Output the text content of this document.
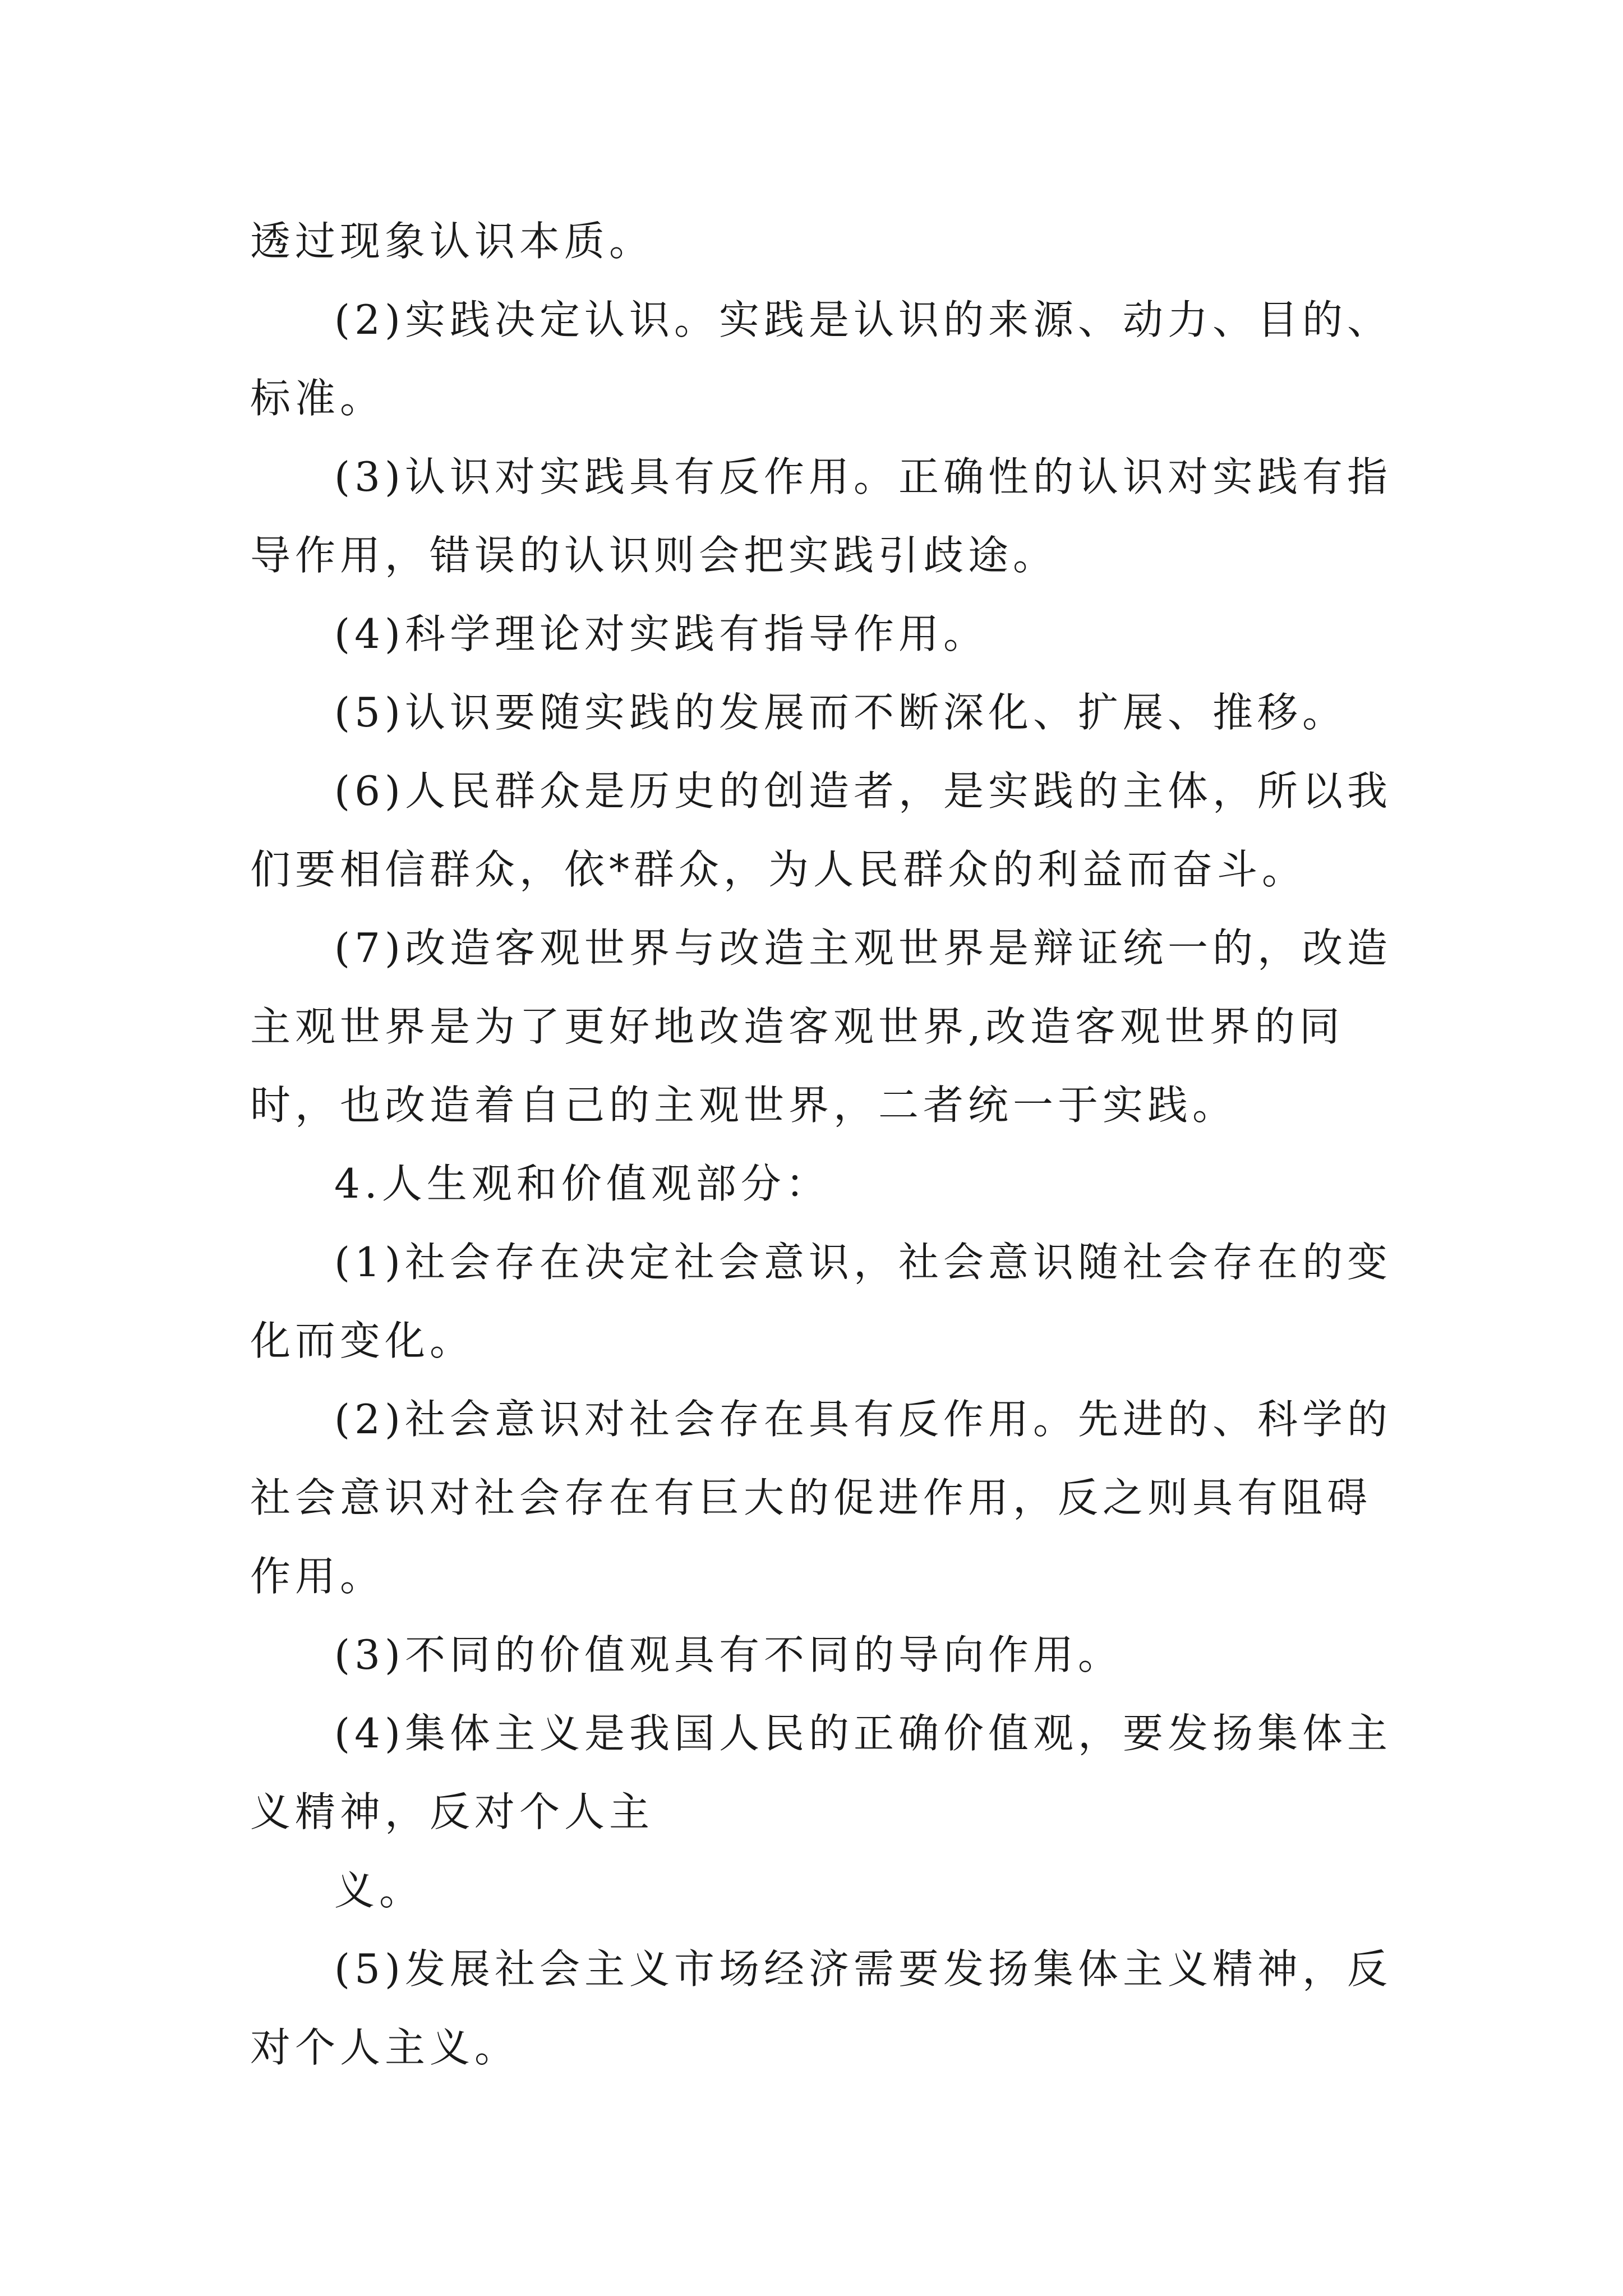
透过现象认识本质。

(2)实践决定认识。实践是认识的来源、动力、目的、标准。

(3)认识对实践具有反作用。正确性的认识对实践有指导作用，错误的认识则会把实践引歧途。

(4)科学理论对实践有指导作用。

(5)认识要随实践的发展而不断深化、扩展、推移。

(6)人民群众是历史的创造者，是实践的主体，所以我们要相信群众，依*群众，为人民群众的利益而奋斗。

(7)改造客观世界与改造主观世界是辩证统一的，改造主观世界是为了更好地改造客观世界,改造客观世界的同时，也改造着自己的主观世界，二者统一于实践。

4.人生观和价值观部分：

(1)社会存在决定社会意识，社会意识随社会存在的变化而变化。

(2)社会意识对社会存在具有反作用。先进的、科学的社会意识对社会存在有巨大的促进作用，反之则具有阻碍作用。

(3)不同的价值观具有不同的导向作用。

(4)集体主义是我国人民的正确价值观，要发扬集体主义精神，反对个人主

义。

(5)发展社会主义市场经济需要发扬集体主义精神，反对个人主义。
